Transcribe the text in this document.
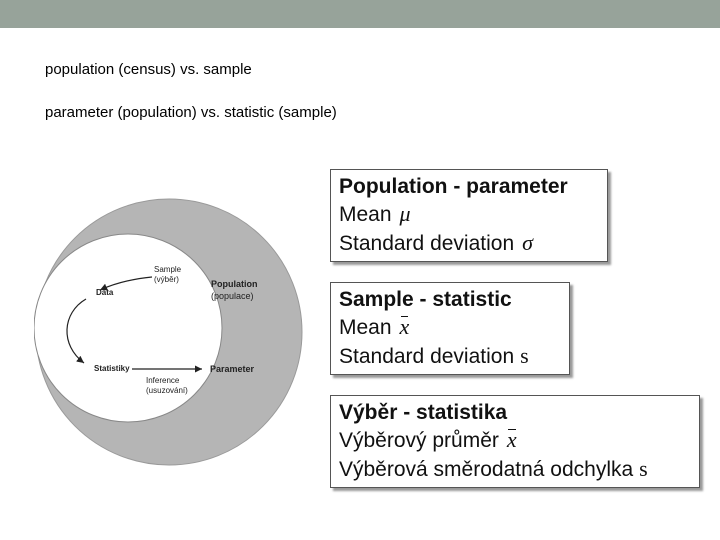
population (census) vs. sample
parameter (population) vs. statistic (sample)
Sample
(výběr)	Population
(populace)
Data
Statistiky	Parameter
Inference
(usuzování)
Population - parameter
Mean μ
Standard deviation σ
Sample - statistic
Mean x
Standard deviation s
Výběr - statistika
Výběrový průměr x
Výběrová směrodatná odchylka s
